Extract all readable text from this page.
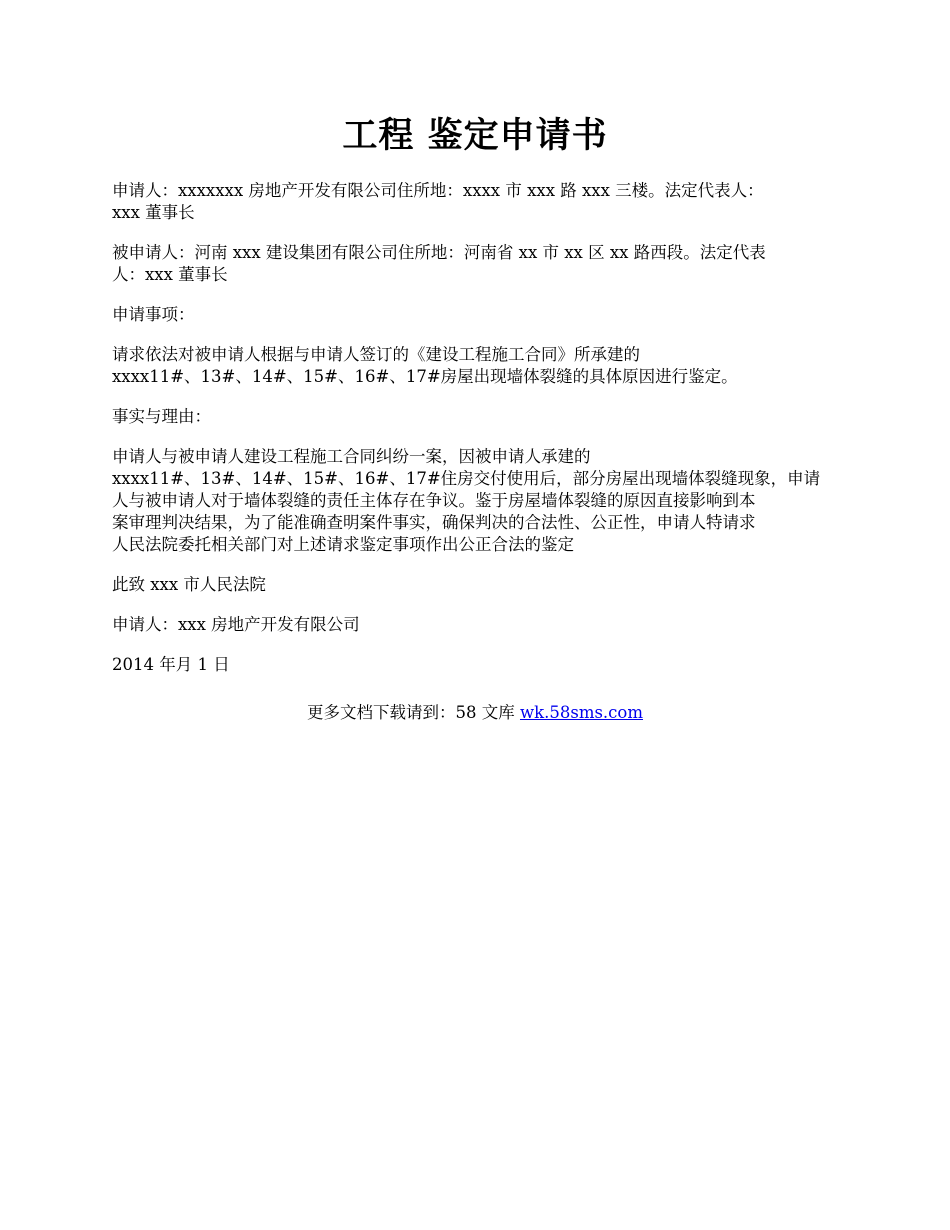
工程 鉴定申请书

申请人：xxxxxxx 房地产开发有限公司住所地：xxxx 市 xxx 路 xxx 三楼。法定代表人：
xxx 董事长

被申请人：河南 xxx 建设集团有限公司住所地：河南省 xx 市 xx 区 xx 路西段。法定代表
人：xxx 董事长

申请事项：

请求依法对被申请人根据与申请人签订的《建设工程施工合同》所承建的
xxxx11#、13#、14#、15#、16#、17#房屋出现墙体裂缝的具体原因进行鉴定。

事实与理由：

申请人与被申请人建设工程施工合同纠纷一案，因被申请人承建的
xxxx11#、13#、14#、15#、16#、17#住房交付使用后，部分房屋出现墙体裂缝现象，申请
人与被申请人对于墙体裂缝的责任主体存在争议。鉴于房屋墙体裂缝的原因直接影响到本
案审理判决结果，为了能准确查明案件事实，确保判决的合法性、公正性，申请人特请求
人民法院委托相关部门对上述请求鉴定事项作出公正合法的鉴定

此致 xxx 市人民法院

申请人：xxx 房地产开发有限公司

2014 年月 1 日

更多文档下载请到：58 文库 wk.58sms.com
